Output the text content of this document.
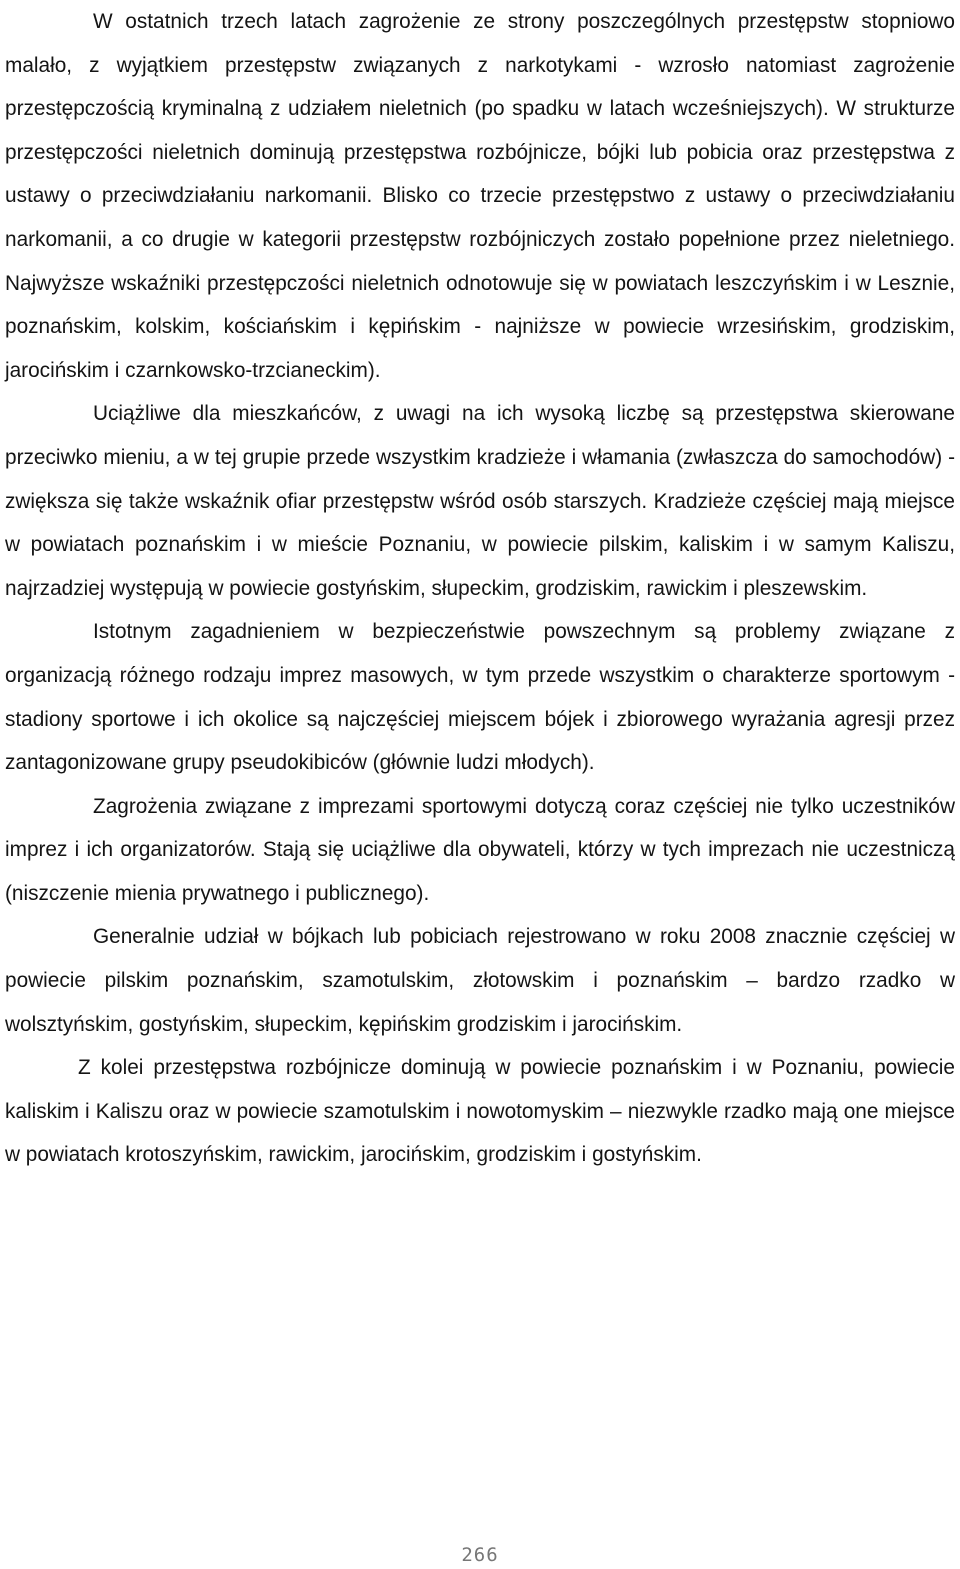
W ostatnich trzech latach zagrożenie ze strony poszczególnych przestępstw stopniowo malało, z wyjątkiem przestępstw związanych z narkotykami - wzrosło natomiast zagrożenie przestępczością kryminalną z udziałem nieletnich (po spadku w latach wcześniejszych). W strukturze przestępczości nieletnich dominują przestępstwa rozbójnicze, bójki lub pobicia oraz przestępstwa z ustawy o przeciwdziałaniu narkomanii. Blisko co trzecie przestępstwo z ustawy o przeciwdziałaniu narkomanii, a co drugie w kategorii przestępstw rozbójniczych zostało popełnione przez nieletniego. Najwyższe wskaźniki przestępczości nieletnich odnotowuje się w powiatach leszczyńskim i w Lesznie, poznańskim, kolskim, kościańskim i kępińskim - najniższe w powiecie wrzesińskim, grodziskim, jarocińskim i czarnkowsko-trzcianeckim).

Uciążliwe dla mieszkańców, z uwagi na ich wysoką liczbę są przestępstwa skierowane przeciwko mieniu, a w tej grupie przede wszystkim kradzieże i włamania (zwłaszcza do samochodów) - zwiększa się także wskaźnik ofiar przestępstw wśród osób starszych. Kradzieże częściej mają miejsce w powiatach poznańskim i w mieście Poznaniu, w powiecie pilskim, kaliskim i w samym Kaliszu, najrzadziej występują w powiecie gostyńskim, słupeckim, grodziskim, rawickim i pleszewskim.

Istotnym zagadnieniem w bezpieczeństwie powszechnym są problemy związane z organizacją różnego rodzaju imprez masowych, w tym przede wszystkim o charakterze sportowym - stadiony sportowe i ich okolice są najczęściej miejscem bójek i zbiorowego wyrażania agresji przez zantagonizowane grupy pseudokibiców (głównie ludzi młodych).

Zagrożenia związane z imprezami sportowymi dotyczą coraz częściej nie tylko uczestników imprez i ich organizatorów. Stają się uciążliwe dla obywateli, którzy w tych imprezach nie uczestniczą (niszczenie mienia prywatnego i publicznego).

Generalnie udział w bójkach lub pobiciach rejestrowano w roku 2008 znacznie częściej w powiecie pilskim poznańskim, szamotulskim, złotowskim i poznańskim – bardzo rzadko w wolsztyńskim, gostyńskim, słupeckim, kępińskim grodziskim i jarocińskim.

Z kolei przestępstwa rozbójnicze dominują w powiecie poznańskim i w Poznaniu, powiecie kaliskim i Kaliszu oraz w powiecie szamotulskim i nowotomyskim – niezwykle rzadko mają one miejsce w powiatach krotoszyńskim, rawickim, jarocińskim, grodziskim i gostyńskim.

266
